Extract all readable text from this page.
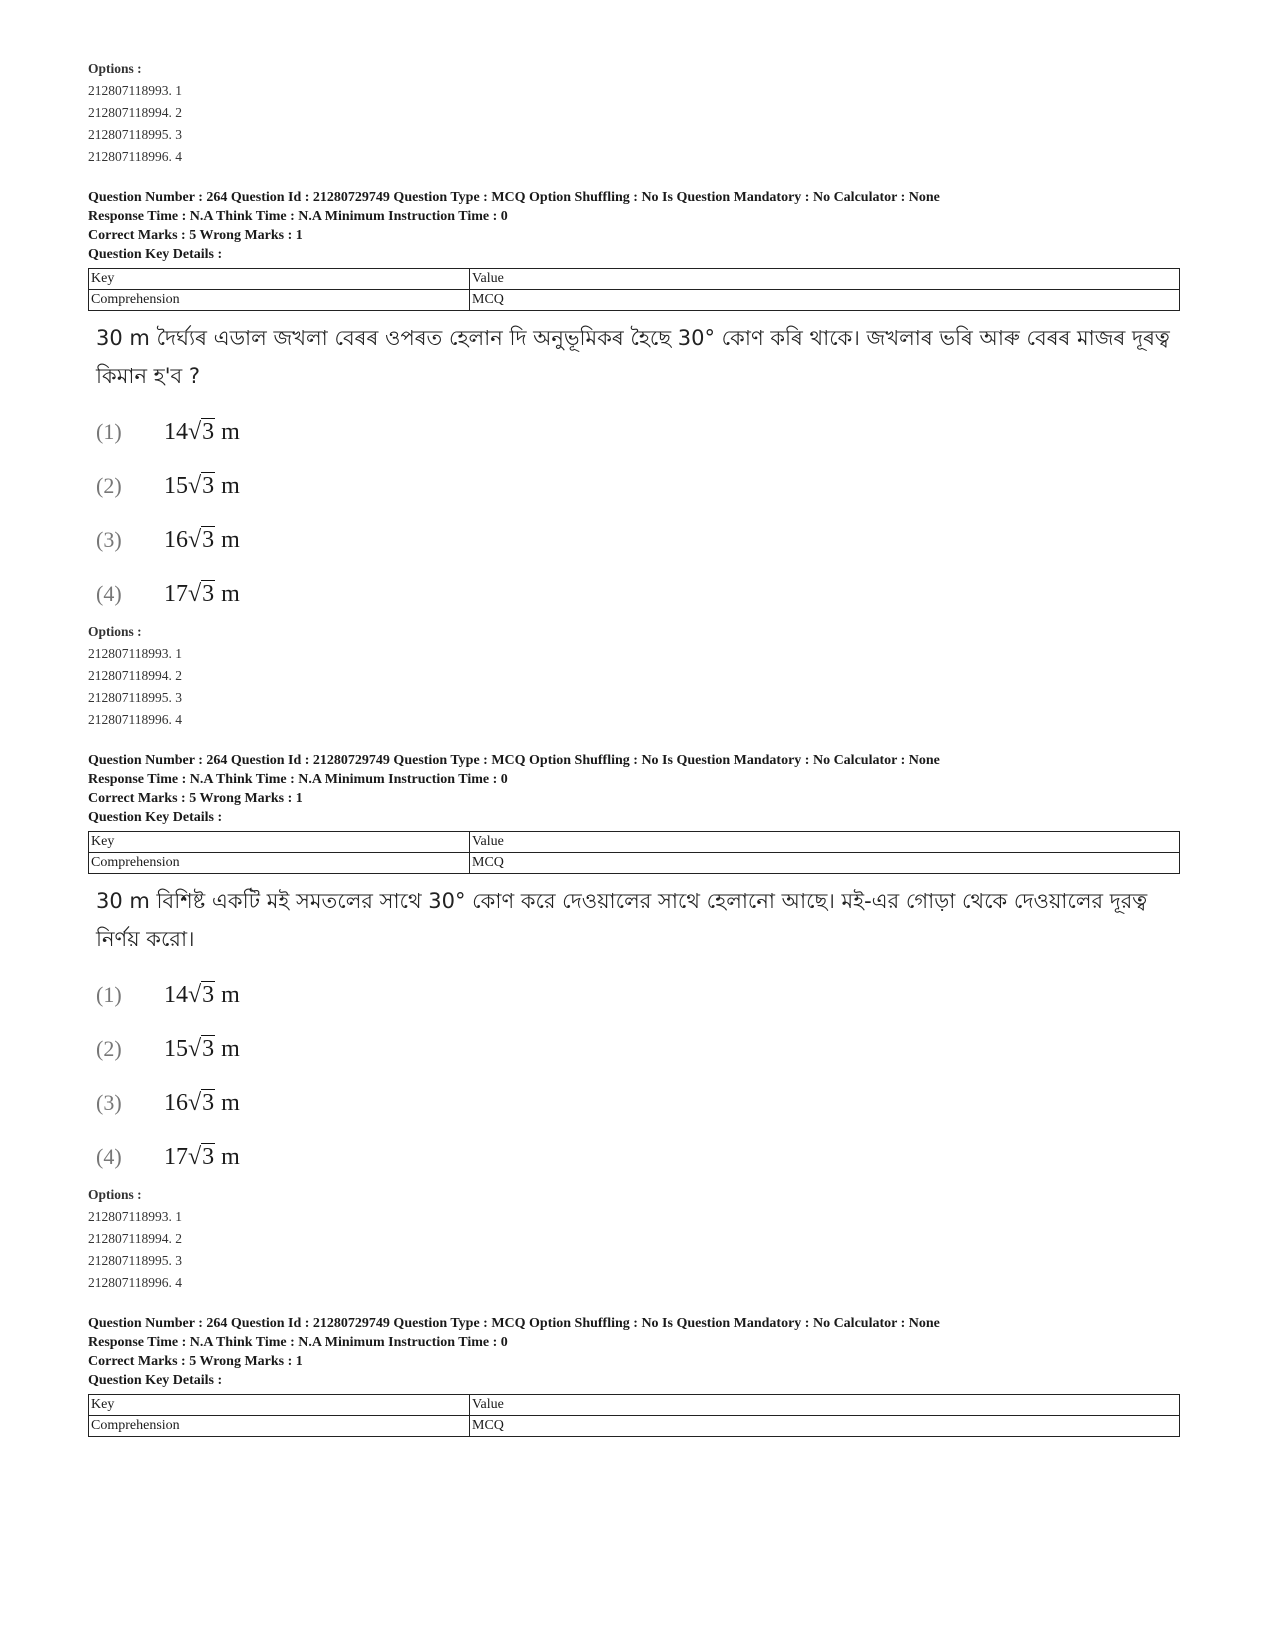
Options :
212807118993. 1
212807118994. 2
212807118995. 3
212807118996. 4
Question Number : 264 Question Id : 21280729749 Question Type : MCQ Option Shuffling : No Is Question Mandatory : No Calculator : None
Response Time : N.A Think Time : N.A Minimum Instruction Time : 0
Correct Marks : 5 Wrong Marks : 1
Question Key Details :
Key	Value
Comprehension	MCQ
30 m দৈৰ্ঘ্যৰ এডাল জখলা বেৰৰ ওপৰত হেলান দি অনুভূমিকৰ হৈছে 30° কোণ কৰি থাকে। জখলাৰ ভৰি আৰু বেৰৰ মাজৰ দূৰত্ব কিমান হ'ব ?
(1)	14√3 m
(2)	15√3 m
(3)	16√3 m
(4)	17√3 m
Options :
212807118993. 1
212807118994. 2
212807118995. 3
212807118996. 4
Question Number : 264 Question Id : 21280729749 Question Type : MCQ Option Shuffling : No Is Question Mandatory : No Calculator : None
Response Time : N.A Think Time : N.A Minimum Instruction Time : 0
Correct Marks : 5 Wrong Marks : 1
Question Key Details :
Key	Value
Comprehension	MCQ
30 m বিশিষ্ট একটি মই সমতলের সাথে 30° কোণ করে দেওয়ালের সাথে হেলানো আছে। মই-এর গোড়া থেকে দেওয়ালের দূরত্ব নির্ণয় করো।
(1)	14√3 m
(2)	15√3 m
(3)	16√3 m
(4)	17√3 m
Options :
212807118993. 1
212807118994. 2
212807118995. 3
212807118996. 4
Question Number : 264 Question Id : 21280729749 Question Type : MCQ Option Shuffling : No Is Question Mandatory : No Calculator : None
Response Time : N.A Think Time : N.A Minimum Instruction Time : 0
Correct Marks : 5 Wrong Marks : 1
Question Key Details :
Key	Value
Comprehension	MCQ
